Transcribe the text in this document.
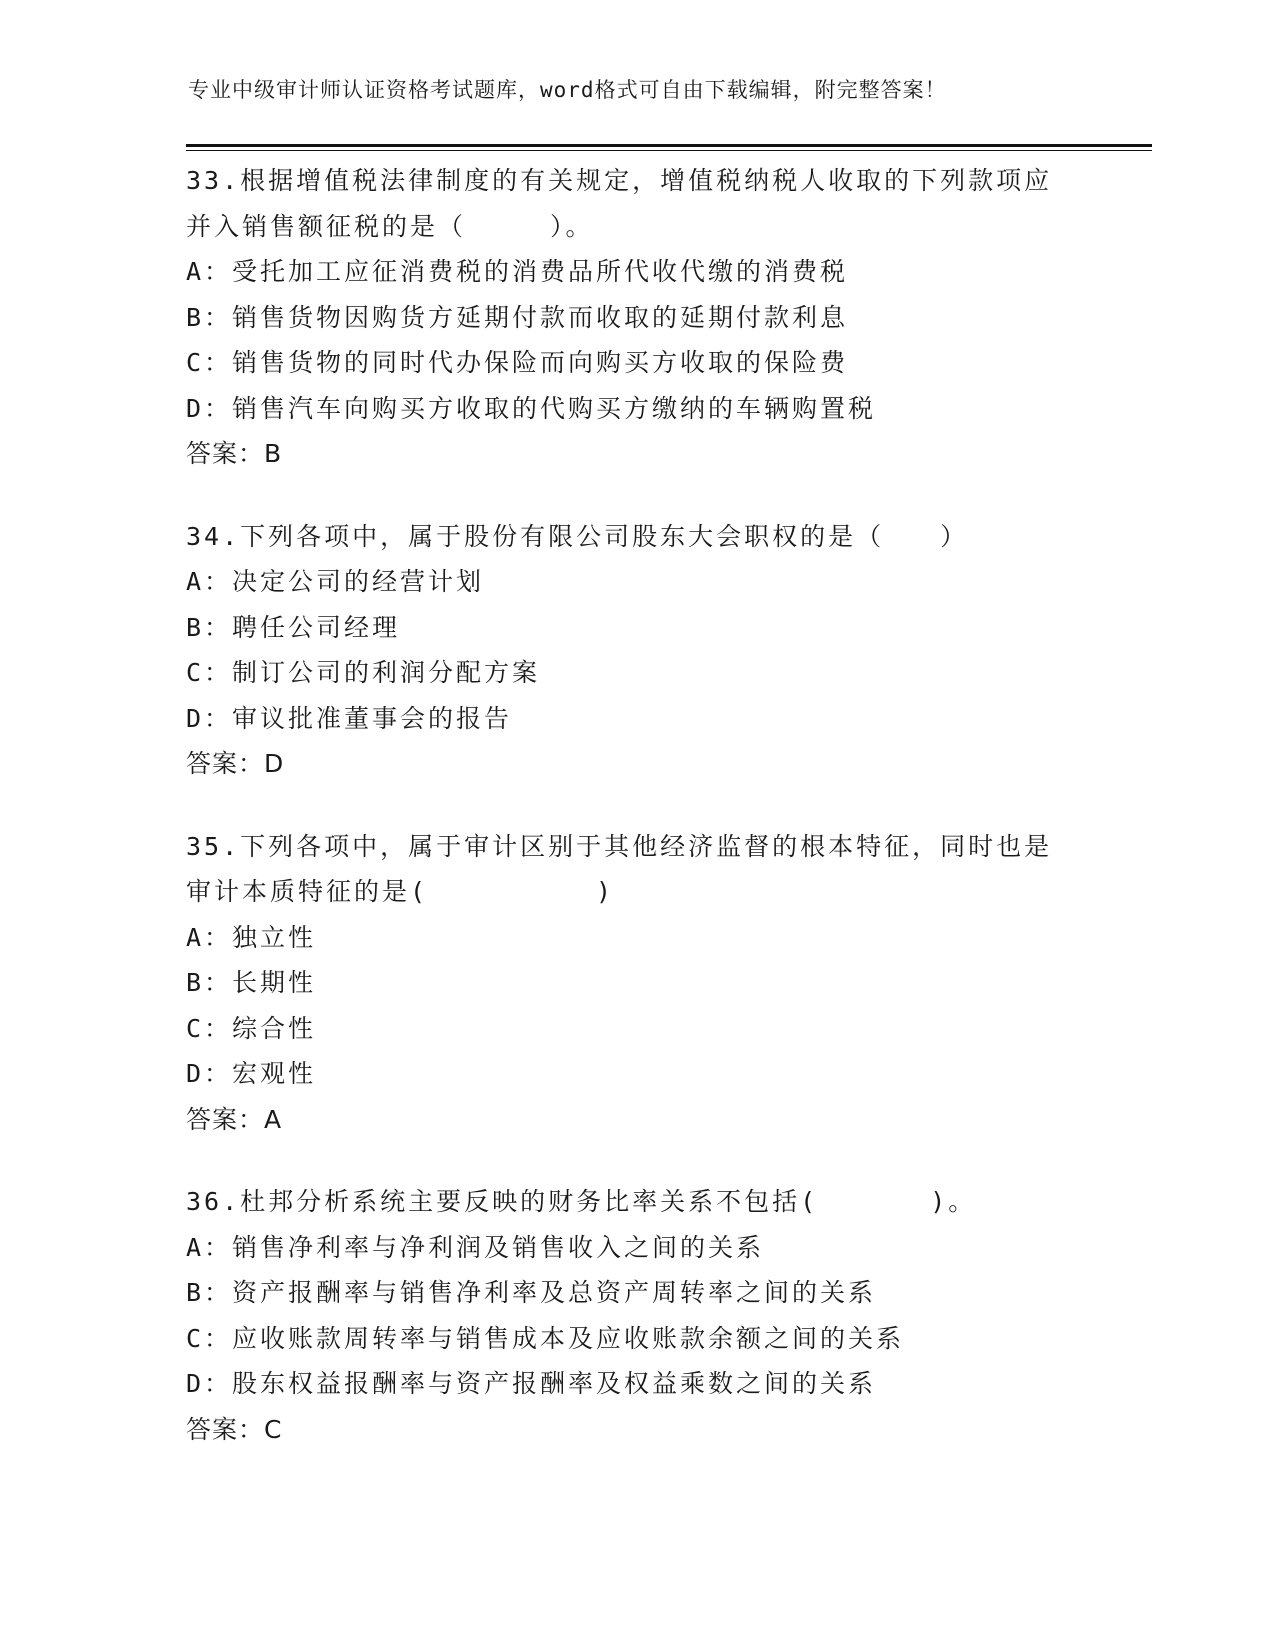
专业中级审计师认证资格考试题库，word格式可自由下载编辑，附完整答案！
33.根据增值税法律制度的有关规定，增值税纳税人收取的下列款项应
并入销售额征税的是（　　　）。
A：受托加工应征消费税的消费品所代收代缴的消费税
B：销售货物因购货方延期付款而收取的延期付款利息
C：销售货物的同时代办保险而向购买方收取的保险费
D：销售汽车向购买方收取的代购买方缴纳的车辆购置税
答案：B
34.下列各项中，属于股份有限公司股东大会职权的是（　　）
A：决定公司的经营计划
B：聘任公司经理
C：制订公司的利润分配方案
D：审议批准董事会的报告
答案：D
35.下列各项中，属于审计区别于其他经济监督的根本特征，同时也是
审计本质特征的是(　　　　　　)
A：独立性
B：长期性
C：综合性
D：宏观性
答案：A
36.杜邦分析系统主要反映的财务比率关系不包括(　　　　)。
A：销售净利率与净利润及销售收入之间的关系
B：资产报酬率与销售净利率及总资产周转率之间的关系
C：应收账款周转率与销售成本及应收账款余额之间的关系
D：股东权益报酬率与资产报酬率及权益乘数之间的关系
答案：C
